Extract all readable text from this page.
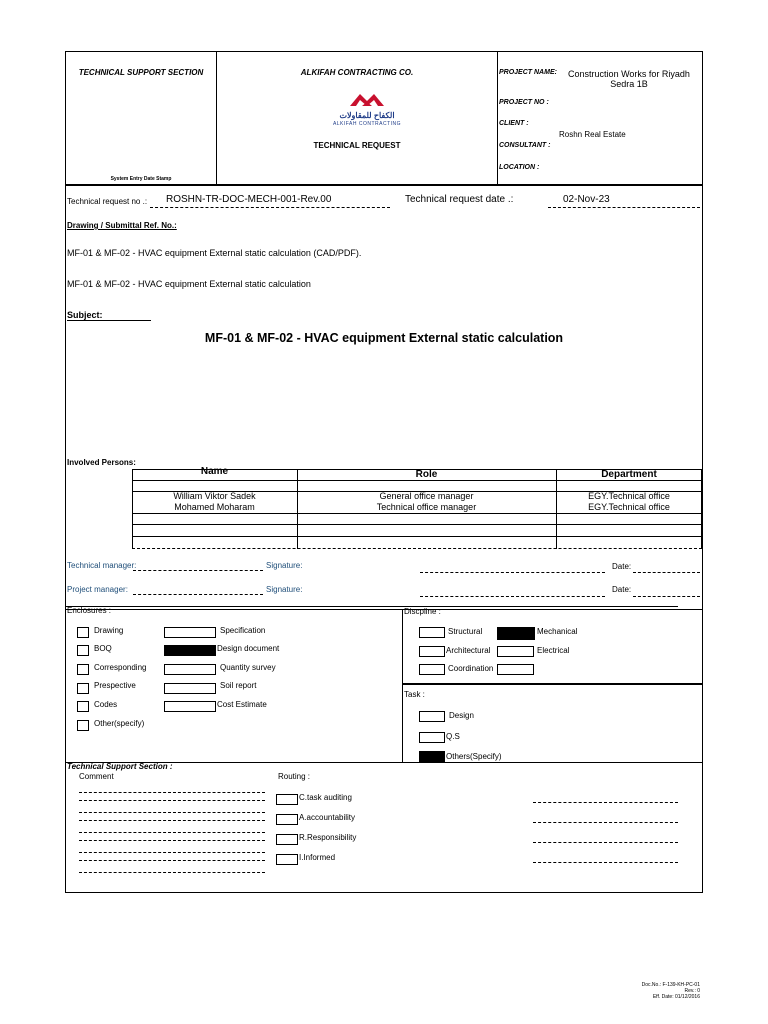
TECHNICAL SUPPORT SECTION
System Entry Date Stamp
ALKIFAH CONTRACTING CO.
الكفاح للمقاولات
ALKIFAH CONTRACTING
TECHNICAL REQUEST
PROJECT NAME:	Construction Works for Riyadh Sedra 1B
PROJECT NO :
CLIENT :
Roshn Real Estate
CONSULTANT :
LOCATION :
Technical request no .: ROSHN-TR-DOC-MECH-001-Rev.00	Technical request date .:	02-Nov-23
Drawing / Submittal Ref. No.:
MF-01 & MF-02 - HVAC equipment External static calculation (CAD/PDF).
MF-01 & MF-02 - HVAC equipment External static calculation
Subject:
MF-01 & MF-02 - HVAC equipment External static calculation
Involved Persons:
Name	Role	Department
William Viktor Sadek	General office manager	EGY.Technical office
Mohamed Moharam	Technical office manager	EGY.Technical office
Technical manager:	Signature:	Date:
Project manager:	Signature:	Date:
Enclosures :
Drawing
BOQ
Corresponding
Prespective
Codes
Other(specify)
Specification
Design document
Quantity survey
Soil report
Cost Estimate
Discpline :
Structural	Mechanical
Architectural	Electrical
Coordination
Task :
Design
Q.S
Others(Specify)
Technical Support Section :
Comment	Routing :
C.task auditing
A.accountability
R.Responsibility
I.Informed
Doc.No.: F-139-KH-PC-01
Rev.: 0
Eff. Date: 01/12/2016
